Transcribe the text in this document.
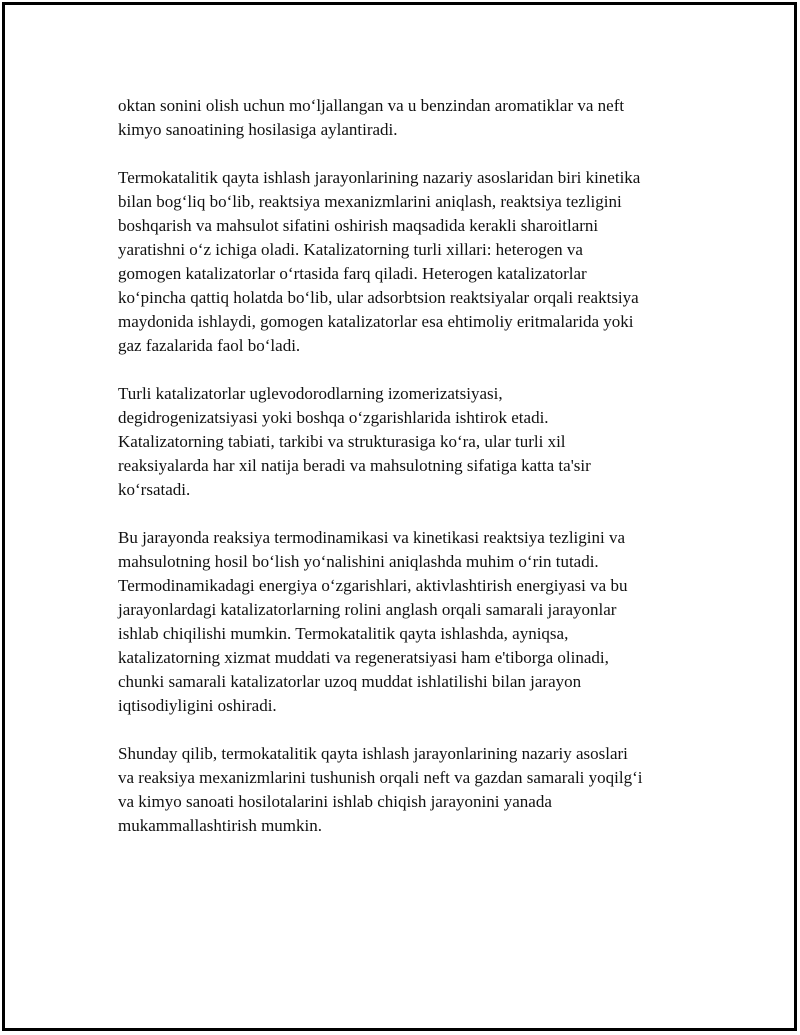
oktan sonini olish uchun mo‘ljallangan va u benzindan aromatiklar va neft
kimyo sanoatining hosilasiga aylantiradi.

Termokatalitik qayta ishlash jarayonlarining nazariy asoslaridan biri kinetika
bilan bog‘liq bo‘lib, reaktsiya mexanizmlarini aniqlash, reaktsiya tezligini
boshqarish va mahsulot sifatini oshirish maqsadida kerakli sharoitlarni
yaratishni o‘z ichiga oladi. Katalizatorning turli xillari: heterogen va
gomogen katalizatorlar o‘rtasida farq qiladi. Heterogen katalizatorlar
ko‘pincha qattiq holatda bo‘lib, ular adsorbtsion reaktsiyalar orqali reaktsiya
maydonida ishlaydi, gomogen katalizatorlar esa ehtimoliy eritmalarida yoki
gaz fazalarida faol bo‘ladi.

Turli katalizatorlar uglevodorodlarning izomerizatsiyasi,
degidrogenizatsiyasi yoki boshqa o‘zgarishlarida ishtirok etadi.
Katalizatorning tabiati, tarkibi va strukturasiga ko‘ra, ular turli xil
reaksiyalarda har xil natija beradi va mahsulotning sifatiga katta ta'sir
ko‘rsatadi.

Bu jarayonda reaksiya termodinamikasi va kinetikasi reaktsiya tezligini va
mahsulotning hosil bo‘lish yo‘nalishini aniqlashda muhim o‘rin tutadi.
Termodinamikadagi energiya o‘zgarishlari, aktivlashtirish energiyasi va bu
jarayonlardagi katalizatorlarning rolini anglash orqali samarali jarayonlar
ishlab chiqilishi mumkin. Termokatalitik qayta ishlashda, ayniqsa,
katalizatorning xizmat muddati va regeneratsiyasi ham e'tiborga olinadi,
chunki samarali katalizatorlar uzoq muddat ishlatilishi bilan jarayon
iqtisodiyligini oshiradi.

Shunday qilib, termokatalitik qayta ishlash jarayonlarining nazariy asoslari
va reaksiya mexanizmlarini tushunish orqali neft va gazdan samarali yoqilg‘i
va kimyo sanoati hosilotalarini ishlab chiqish jarayonini yanada
mukammallashtirish mumkin.
